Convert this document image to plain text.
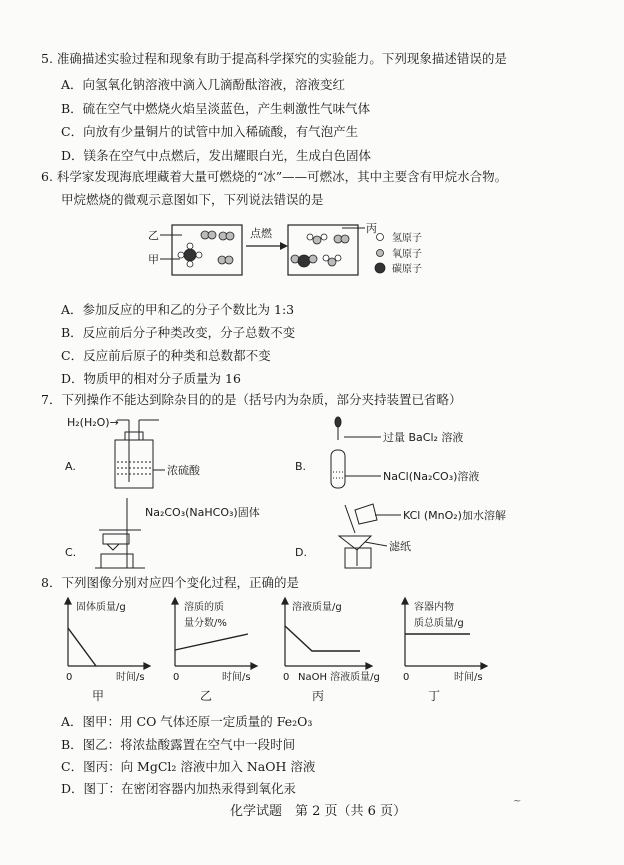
5. 准确描述实验过程和现象有助于提高科学探究的实验能力。下列现象描述错误的是
A．向氢氧化钠溶液中滴入几滴酚酞溶液，溶液变红
B．硫在空气中燃烧火焰呈淡蓝色，产生刺激性气味气体
C．向放有少量铜片的试管中加入稀硫酸，有气泡产生
D．镁条在空气中点燃后，发出耀眼白光，生成白色固体
6. 科学家发现海底埋藏着大量可燃烧的“冰”——可燃冰，其中主要含有甲烷水合物。
甲烷燃烧的微观示意图如下，下列说法错误的是
乙
甲
点燃	丙
氢原子
氧原子
碳原子
A．参加反应的甲和乙的分子个数比为 1:3
B．反应前后分子种类改变，分子总数不变
C．反应前后原子的种类和总数都不变
D．物质甲的相对分子质量为 16
7．下列操作不能达到除杂目的的是（括号内为杂质，部分夹持装置已省略）
H₂(H₂O)→
A.	浓硫酸	B.
过量 BaCl₂ 溶液
NaCl(Na₂CO₃)溶液
C.
Na₂CO₃(NaHCO₃)固体
D.
KCl (MnO₂)加水溶解
滤纸
8．下列图像分别对应四个变化过程，正确的是
固体质量/g	溶质的质
量分数/%
溶液质量/g	容器内物
质总质量/g
0	时间/s
甲
0	时间/s
乙
0 NaOH 溶液质量/g
丙
0	时间/s
丁
A．图甲：用 CO 气体还原一定质量的 Fe₂O₃
B．图乙：将浓盐酸露置在空气中一段时间
C．图丙：向 MgCl₂ 溶液中加入 NaOH 溶液
D．图丁：在密闭容器内加热汞得到氧化汞
化学试题　第 2 页（共 6 页）
~
